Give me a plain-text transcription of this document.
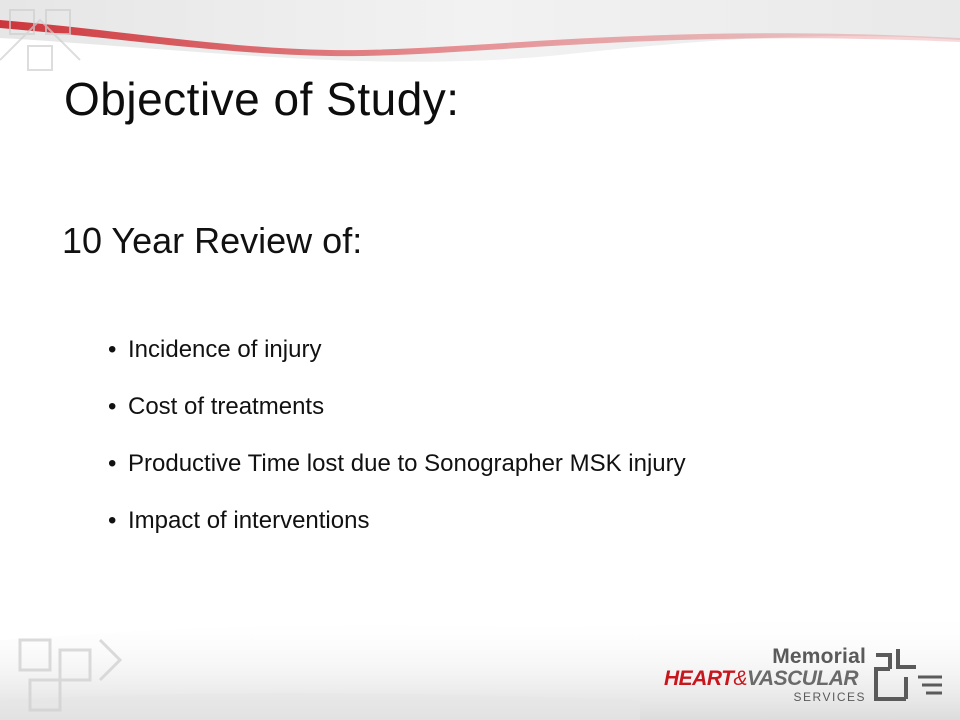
Objective of Study:
10 Year Review of:
• Incidence of injury
• Cost of treatments
• Productive Time lost due to Sonographer MSK injury
• Impact of interventions
Memorial
HEART&VASCULAR
SERVICES
